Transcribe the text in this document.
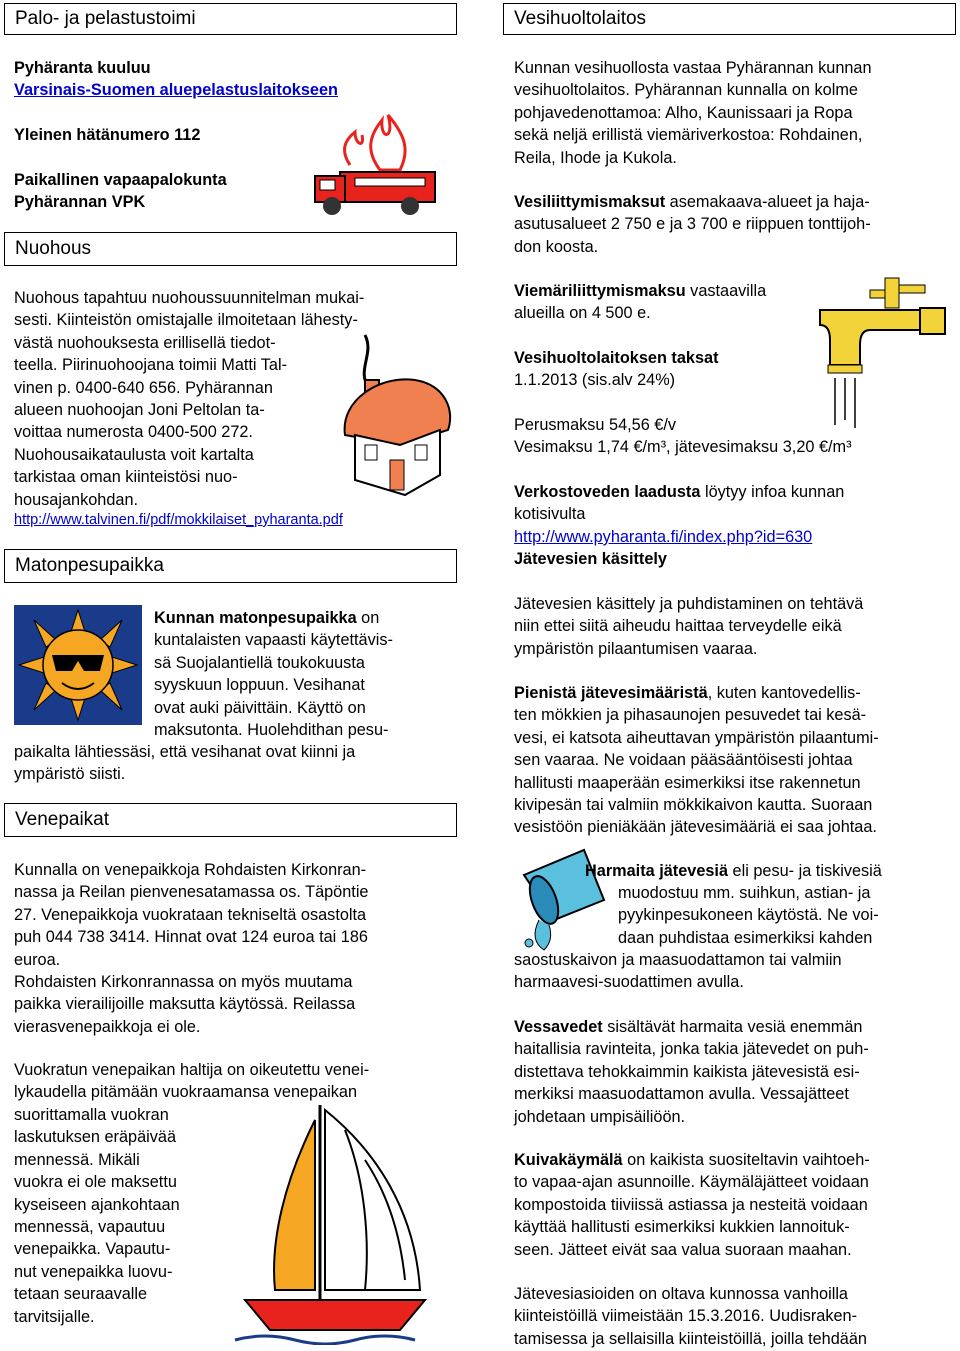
Palo- ja pelastustoimi

Pyhäranta kuuluu

Varsinais-Suomen aluepelastuslaitokseen

Yleinen hätänumero 112

Paikallinen vapaapalokunta
Pyhärannan VPK

Nuohous

Nuohous tapahtuu nuohoussuunnitelman mukai-
sesti. Kiinteistön omistajalle ilmoitetaan lähesty-
västä nuohouksesta erillisellä tiedot-
teella. Piirinuohoojana toimii Matti Tal-
vinen p. 0400-640 656. Pyhärannan
alueen nuohoojan Joni Peltolan ta-
voittaa numerosta 0400-500 272.
Nuohousaikataulusta voit kartalta
tarkistaa oman kiinteistösi nuo-
housajankohdan.

http://www.talvinen.fi/pdf/mokkilaiset_pyharanta.pdf

Matonpesupaikka

Kunnan matonpesupaikka on
kuntalaisten vapaasti käytettävis-
sä Suojalantiellä toukokuusta
syyskuun loppuun. Vesihanat
ovat auki päivittäin. Käyttö on
maksutonta. Huolehdithan pesu-

paikalta lähtiessäsi, että vesihanat ovat kiinni ja
ympäristö siisti.

Venepaikat

Kunnalla on venepaikkoja Rohdaisten Kirkonran-
nassa ja Reilan pienvenesatamassa os. Täpöntie
27. Venepaikkoja vuokrataan tekniseltä osastolta
puh 044 738 3414. Hinnat ovat 124 euroa tai 186
euroa.
Rohdaisten Kirkonrannassa on myös muutama
paikka vierailijoille maksutta käytössä. Reilassa
vierasvenepaikkoja ei ole.

Vuokratun venepaikan haltija on oikeutettu venei-
lykaudella pitämään vuokraamansa venepaikan

suorittamalla vuokran
laskutuksen eräpäivää
mennessä. Mikäli
vuokra ei ole maksettu
kyseiseen ajankohtaan
mennessä, vapautuu
venepaikka. Vapautu-
nut venepaikka luovu-
tetaan seuraavalle
tarvitsijalle.

Vesihuoltolaitos

Kunnan vesihuollosta vastaa Pyhärannan kunnan
vesihuoltolaitos. Pyhärannan kunnalla on kolme
pohjavedenottamoa: Alho, Kaunissaari ja Ropa
sekä neljä erillistä viemäriverkostoa: Rohdainen,
Reila, Ihode ja Kukola.

Vesiliittymismaksut asemakaava-alueet ja haja-
asutusalueet 2 750 e ja 3 700 e riippuen tonttijoh-
don koosta.

Viemäriliittymismaksu vastaavilla
alueilla on 4 500 e.

Vesihuoltolaitoksen taksat

1.1.2013 (sis.alv 24%)

Perusmaksu 54,56 €/v

Vesimaksu 1,74 €/m³, jätevesimaksu 3,20 €/m³

Verkostoveden laadusta löytyy infoa kunnan
kotisivulta

http://www.pyharanta.fi/index.php?id=630

Jätevesien käsittely

Jätevesien käsittely ja puhdistaminen on tehtävä
niin ettei siitä aiheudu haittaa terveydelle eikä
ympäristön pilaantumisen vaaraa.

Pienistä jätevesimääristä, kuten kantovedellis-
ten mökkien ja pihasaunojen pesuvedet tai kesä-
vesi, ei katsota aiheuttavan ympäristön pilaantumi-
sen vaaraa. Ne voidaan pääsääntöisesti johtaa
hallitusti maaperään esimerkiksi itse rakennetun
kivipesän tai valmiin mökkikaivon kautta. Suoraan
vesistöön pieniäkään jätevesimääriä ei saa johtaa.

Harmaita jätevesiä eli pesu- ja tiskivesiä

muodostuu mm. suihkun, astian- ja
pyykinpesukoneen käytöstä. Ne voi-
daan puhdistaa esimerkiksi kahden

saostuskaivon ja maasuodattamon tai valmiin
harmaavesi-suodattimen avulla.

Vessavedet sisältävät harmaita vesiä enemmän
haitallisia ravinteita, jonka takia jätevedet on puh-
distettava tehokkaimmin kaikista jätevesistä esi-
merkiksi maasuodattamon avulla. Vessajätteet
johdetaan umpisäiliöön.

Kuivakäymälä on kaikista suositeltavin vaihtoeh-
to vapaa-ajan asunnoille. Käymäläjätteet voidaan
kompostoida tiiviissä astiassa ja nesteitä voidaan
käyttää hallitusti esimerkiksi kukkien lannoituk-
seen. Jätteet eivät saa valua suoraan maahan.

Jätevesiasioiden on oltava kunnossa vanhoilla
kiinteistöillä viimeistään 15.3.2016. Uudisraken-
tamisessa ja sellaisilla kiinteistöillä, joilla tehdään
